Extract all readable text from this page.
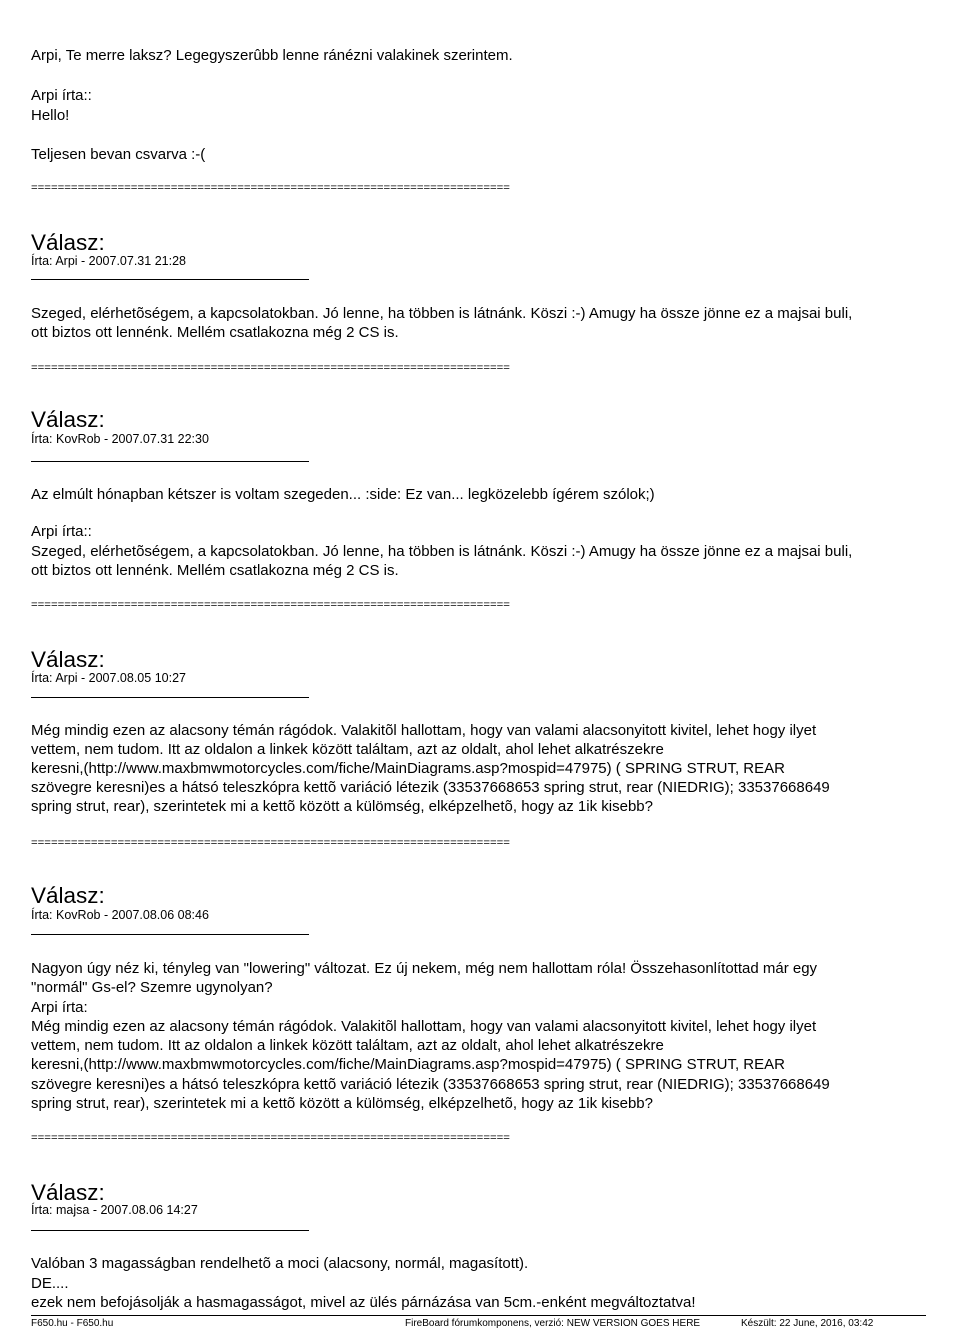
Arpi, Te merre laksz? Legegyszerûbb lenne ránézni valakinek szerintem.
Arpi írta::
Hello!
Teljesen bevan csvarva :-(
========================================================================
Válasz:
Írta: Arpi - 2007.07.31 21:28
Szeged, elérhetõségem, a kapcsolatokban. Jó lenne, ha többen is látnánk. Köszi :-) Amugy ha össze jönne ez a majsai buli,
ott biztos ott lennénk. Mellém csatlakozna még 2 CS is.
========================================================================
Válasz:
Írta: KovRob - 2007.07.31 22:30
Az elmúlt hónapban kétszer is voltam szegeden... :side: Ez van... legközelebb ígérem szólok;)
Arpi írta::
Szeged, elérhetõségem, a kapcsolatokban. Jó lenne, ha többen is látnánk. Köszi :-) Amugy ha össze jönne ez a majsai buli,
ott biztos ott lennénk. Mellém csatlakozna még 2 CS is.
========================================================================
Válasz:
Írta: Arpi - 2007.08.05 10:27
Még mindig ezen az alacsony témán rágódok. Valakitõl hallottam, hogy van valami alacsonyitott kivitel, lehet hogy ilyet
vettem, nem tudom. Itt az oldalon a linkek között találtam, azt az oldalt, ahol lehet alkatrészekre
keresni,(http://www.maxbmwmotorcycles.com/fiche/MainDiagrams.asp?mospid=47975) ( SPRING STRUT, REAR
szövegre keresni)es a hátsó teleszkópra kettõ variáció létezik (33537668653 spring strut, rear (NIEDRIG); 33537668649
spring strut, rear), szerintetek mi a kettõ között a külömség, elképzelhetõ, hogy az 1ik kisebb?
========================================================================
Válasz:
Írta: KovRob - 2007.08.06 08:46
Nagyon úgy néz ki, tényleg van "lowering" változat. Ez új nekem, még nem hallottam róla! Összehasonlítottad már egy
"normál" Gs-el? Szemre ugynolyan?
Arpi írta:
Még mindig ezen az alacsony témán rágódok. Valakitõl hallottam, hogy van valami alacsonyitott kivitel, lehet hogy ilyet
vettem, nem tudom. Itt az oldalon a linkek között találtam, azt az oldalt, ahol lehet alkatrészekre
keresni,(http://www.maxbmwmotorcycles.com/fiche/MainDiagrams.asp?mospid=47975) ( SPRING STRUT, REAR
szövegre keresni)es a hátsó teleszkópra kettõ variáció létezik (33537668653 spring strut, rear (NIEDRIG); 33537668649
spring strut, rear), szerintetek mi a kettõ között a külömség, elképzelhetõ, hogy az 1ik kisebb?
========================================================================
Válasz:
Írta: majsa - 2007.08.06 14:27
Valóban 3 magasságban rendelhetõ a moci (alacsony, normál, magasított).
DE....
ezek nem befojásolják a hasmagasságot, mivel az ülés párnázása van 5cm.-enként megváltoztatva!
F650.hu - F650.hu	FireBoard fórumkomponens, verzió: NEW VERSION GOES HERE	Készült: 22 June, 2016, 03:42
